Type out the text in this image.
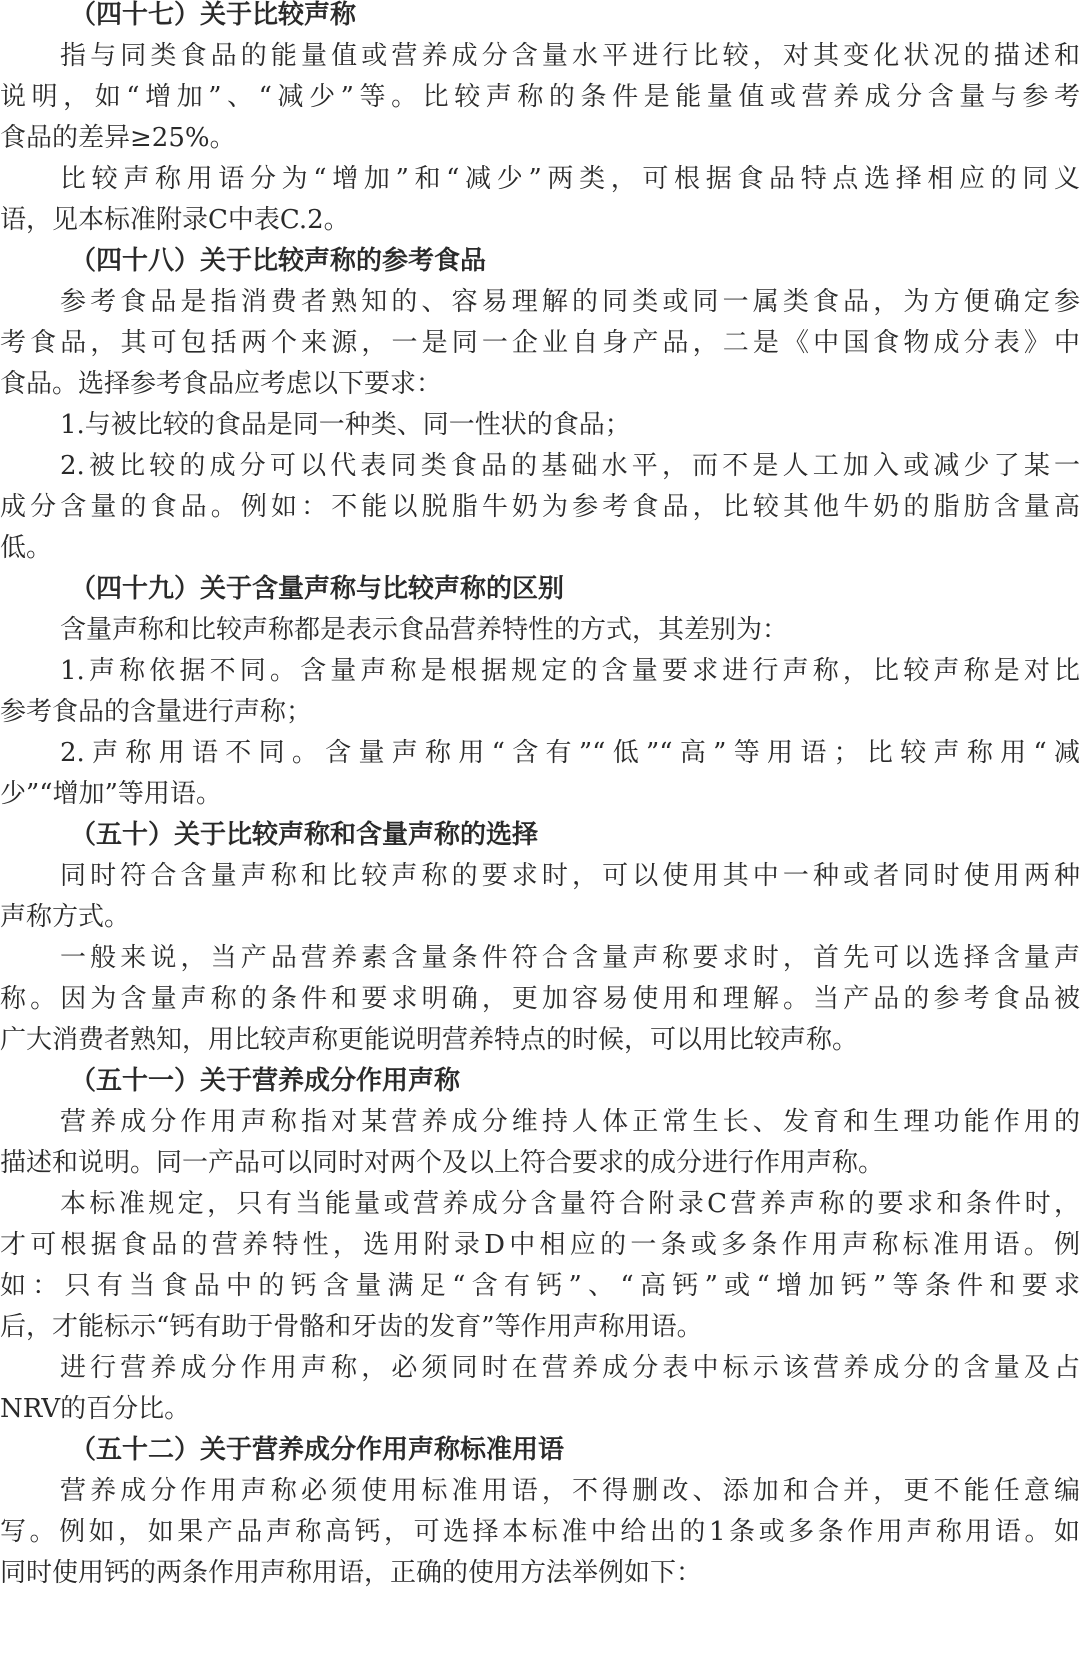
（四十七）关于比较声称
指与同类食品的能量值或营养成分含量水平进行比较，对其变化状况的描述和
说明，如“增加”、“减少”等。比较声称的条件是能量值或营养成分含量与参考
食品的差异≥25%。
比较声称用语分为“增加”和“减少”两类，可根据食品特点选择相应的同义
语，见本标准附录C中表C.2。
（四十八）关于比较声称的参考食品
参考食品是指消费者熟知的、容易理解的同类或同一属类食品，为方便确定参
考食品，其可包括两个来源，一是同一企业自身产品，二是《中国食物成分表》中
食品。选择参考食品应考虑以下要求：
1.与被比较的食品是同一种类、同一性状的食品；
2.被比较的成分可以代表同类食品的基础水平，而不是人工加入或减少了某一
成分含量的食品。例如：不能以脱脂牛奶为参考食品，比较其他牛奶的脂肪含量高
低。
（四十九）关于含量声称与比较声称的区别
含量声称和比较声称都是表示食品营养特性的方式，其差别为：
1.声称依据不同。含量声称是根据规定的含量要求进行声称，比较声称是对比
参考食品的含量进行声称；
2.声称用语不同。含量声称用“含有”“低”“高”等用语；比较声称用“减
少”“增加”等用语。
（五十）关于比较声称和含量声称的选择
同时符合含量声称和比较声称的要求时，可以使用其中一种或者同时使用两种
声称方式。
一般来说，当产品营养素含量条件符合含量声称要求时，首先可以选择含量声
称。因为含量声称的条件和要求明确，更加容易使用和理解。当产品的参考食品被
广大消费者熟知，用比较声称更能说明营养特点的时候，可以用比较声称。
（五十一）关于营养成分作用声称
营养成分作用声称指对某营养成分维持人体正常生长、发育和生理功能作用的
描述和说明。同一产品可以同时对两个及以上符合要求的成分进行作用声称。
本标准规定，只有当能量或营养成分含量符合附录C营养声称的要求和条件时，
才可根据食品的营养特性，选用附录D中相应的一条或多条作用声称标准用语。例
如：只有当食品中的钙含量满足“含有钙”、“高钙”或“增加钙”等条件和要求
后，才能标示“钙有助于骨骼和牙齿的发育”等作用声称用语。
进行营养成分作用声称，必须同时在营养成分表中标示该营养成分的含量及占
NRV的百分比。
（五十二）关于营养成分作用声称标准用语
营养成分作用声称必须使用标准用语，不得删改、添加和合并，更不能任意编
写。例如，如果产品声称高钙，可选择本标准中给出的1条或多条作用声称用语。如
同时使用钙的两条作用声称用语，正确的使用方法举例如下：
